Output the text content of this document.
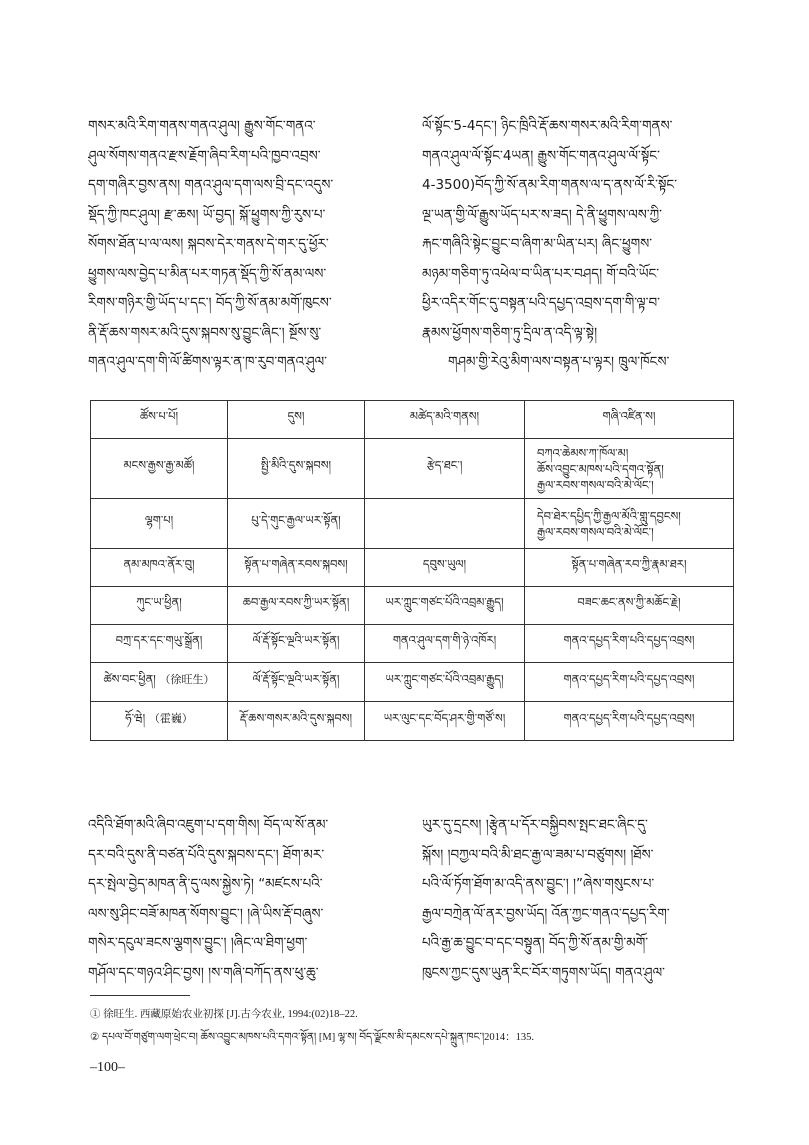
གསར་མའི་རིག་གནས་གནའ་ཤུལ། རྒྱུས་གོང་གནའ་
ཤུལ་སོགས་གནའ་རྫས་རྗོག་ཞིབ་རིག་པའི་ཁྱབ་འབྲས་
དག་གཞིར་བྱས་ནས། གནའ་ཤུལ་དག་ལས་བྲི་དང་འདུས་
སྡོད་ཀྱི་ཁང་ཤུལ། རྫ་ཆས། ཡོ་བྱད། སྐོ་ཕྱུགས་ཀྱི་རུས་པ་
སོགས་ཐོན་པ་ལ་ལས། སྐབས་དེར་གནས་དེ་གར་དུ་ཕྱོར་
ཕྱུགས་ལས་བྱེད་པ་མིན་པར་གཏན་སྡོད་ཀྱི་སོ་ནམ་ལས་
རིགས་གཉིར་གྱི་ཡོད་པ་དང་། བོད་ཀྱི་སོ་ནམ་མགོ་ཁུངས་
ནི་རྡོ་ཆས་གསར་མའི་དུས་སྐབས་སུ་བྱུང་ཞིང་། སྔོས་སུ་
གནའ་ཤུལ་དག་གི་ལོ་ཚིགས་ལྟར་ན་ཁ་རུབ་གནའ་ཤུལ་
ལོ་སྟོང་5-4དང་། ཉིང་ཁྲིའི་རྡོ་ཆས་གསར་མའི་རིག་གནས་
གནའ་ཤུལ་ལོ་སྟོང་4ཡན། རྒྱུས་གོང་གནའ་ཤུལ་ལོ་སྟོང་
4-3500)བོད་ཀྱི་སོ་ནམ་རིག་གནས་ལ་ད་ནས་ལོ་རི་སྟོང་
ལྔ་ཡན་གྱི་ལོ་རྒྱུས་ཡོད་པར་ས་ཟད། དེ་ནི་ཕྱུགས་ལས་ཀྱི་
རྐང་གཞིའི་སྟེང་བྱུང་བ་ཞིག་མ་ཡིན་པར། ཞིང་ཕྱུགས་
མཉམ་གཅིག་ཏུ་འཕེལ་བ་ཡིན་པར་བཤད། གོ་བའི་ཡོང་
ཕྱིར་འདིར་གོང་དུ་བསྟན་པའི་དཔྱད་འབྲས་དག་གི་ལྟ་བ་
རྣམས་ཕྱོགས་གཅིག་ཏུ་དྲིལ་ན་འདི་ལྟ་སྟེ།
གཤམ་གྱི་རེའུ་མིག་ལས་བསྟན་པ་ལྟར། ཁྲུལ་ཁོངས་
ཚོས་པ་པོ།	དུས།	མཚེད་མའི་གནས།	གཞི་འཛིན་ས།
མངས་རྒྱས་རྒྱ་མཚོ།	སྤྱི་མིའི་དུས་སྐབས།	རྩེད་ཐང་།	བཀའ་ཆེམས་ཀ་ཁོལ་མ།
ཆོས་འབྱུང་མཁས་པའི་དགའ་སྟོན།
རྒྱལ་རབས་གསལ་བའི་མེ་ལོང་།

ལྷག་པ།	པུ་དེ་གུང་རྒྱལ་ཡར་སྟོན།		དེབ་ཐེར་དཔྱིད་ཀྱི་རྒྱལ་མོའི་གླུ་དབྱངས།
རྒྱལ་རབས་གསལ་བའི་མེ་ལོང་།

ནམ་མཁའ་ནོར་བུ།	སྟོན་པ་གཞེན་རབས་སྐབས།	དབུས་ཡུལ།	སྟོན་པ་གཞེན་རབ་ཀྱི་རྣམ་ཐར།
ཀུང་ཡ་ཕྱིན།	ཆབ་རྒྱལ་རབས་ཀྱི་ཡར་སྟོན།	ཡར་ཀླུང་གཙང་པོའི་འབྲམ་རྒྱུད།	བཟང་ཆང་ནས་ཀྱི་མཆོང་རྗེ།
བཀྲ་དར་དང་གཡུ་སྒྲོན།	ལོ་རྡོ་སྟོང་ལྔའི་ཡར་སྟོན།	གནའ་ཤུལ་དག་གི་ཉེ་འཁོར།	གནའ་དཔྱད་རིག་པའི་དཔྱད་འབྲས།
ཚེས་བང་ཕྱིན། （徐旺生）	ལོ་རྡོ་སྟོང་ལྔའི་ཡར་སྟོན།	ཡར་ཀླུང་གཙང་པོའི་འབྲམ་རྒྱུད།	གནའ་དཔྱད་རིག་པའི་དཔྱད་འབྲས།
ཧོ་ཝེ། （霍巍）	རྡོ་ཆས་གསར་མའི་དུས་སྐབས།	ཡར་ལུང་དང་བོད་ཤར་གྱི་གཙོ་ས།	གནའ་དཔྱད་རིག་པའི་དཔྱད་འབྲས།
འདིའི་ཐོག་མའི་ཞིབ་འཇུག་པ་དག་གིས། བོད་ལ་སོ་ནམ་
དར་བའི་དུས་ནི་བཙན་པོའི་དུས་སྐབས་དང་། ཐོག་མར་
དར་སྤེལ་བྱེད་མཁན་ནི་དུ་ལས་སྐྱེས་ཏེ། “མཛངས་པའི་
ལས་སུ་ཤིང་བཟོ་མཁན་སོགས་བྱུང་། །ཞེ་ཡིས་རྡོ་བཞུས་
གསེར་དངུལ་ཟངས་ལྕགས་བྱུང་། །ཞིང་ལ་ཐིག་ཕྱག་
གཤོལ་དང་གཉའ་ཤིང་བྱས། །ས་གཞི་བཀོད་ནས་ཕུ་ཆུ་
ཡུར་དུ་དྲངས། །རྩྭེན་པ་དོར་བསྐྱིབས་སྤང་ཐང་ཞིང་དུ་
སྐོས། །བཀྱལ་བའི་མི་ཐང་རྒྱ་ལ་ཟམ་པ་བཙུགས། །ཐོས་
པའི་ལོ་ཏོག་ཐོག་མ་འདི་ནས་བྱུང་། །”ཞེས་གསུངས་པ་
རྒྱལ་བཀྲེན་ལོ་ནར་བྱས་ཡོད། འོན་ཀྱང་གནའ་དཔྱད་རིག་
པའི་རྒྱ་ཆ་བྱུང་བ་དང་བསྟུན། བོད་ཀྱི་སོ་ནམ་གྱི་མགོ་
ཁུངས་ཀྱང་དུས་ཡུན་རིང་བོར་གཏུགས་ཡོད། གནའ་ཤུལ་
① 徐旺生. 西藏原始农业初探 [J].古今农业, 1994:(02)18–22.
② དཔལ་བོ་གཙུག་ལག་ཕྲེང་བ། ཆོས་འབྱུང་མཁས་པའི་དགའ་སྟོན། [M] ལྷ་ས། བོད་ལྗོངས་མི་དམངས་དཔེ་སྐྲུན་ཁང་།2014：135.
–100–
